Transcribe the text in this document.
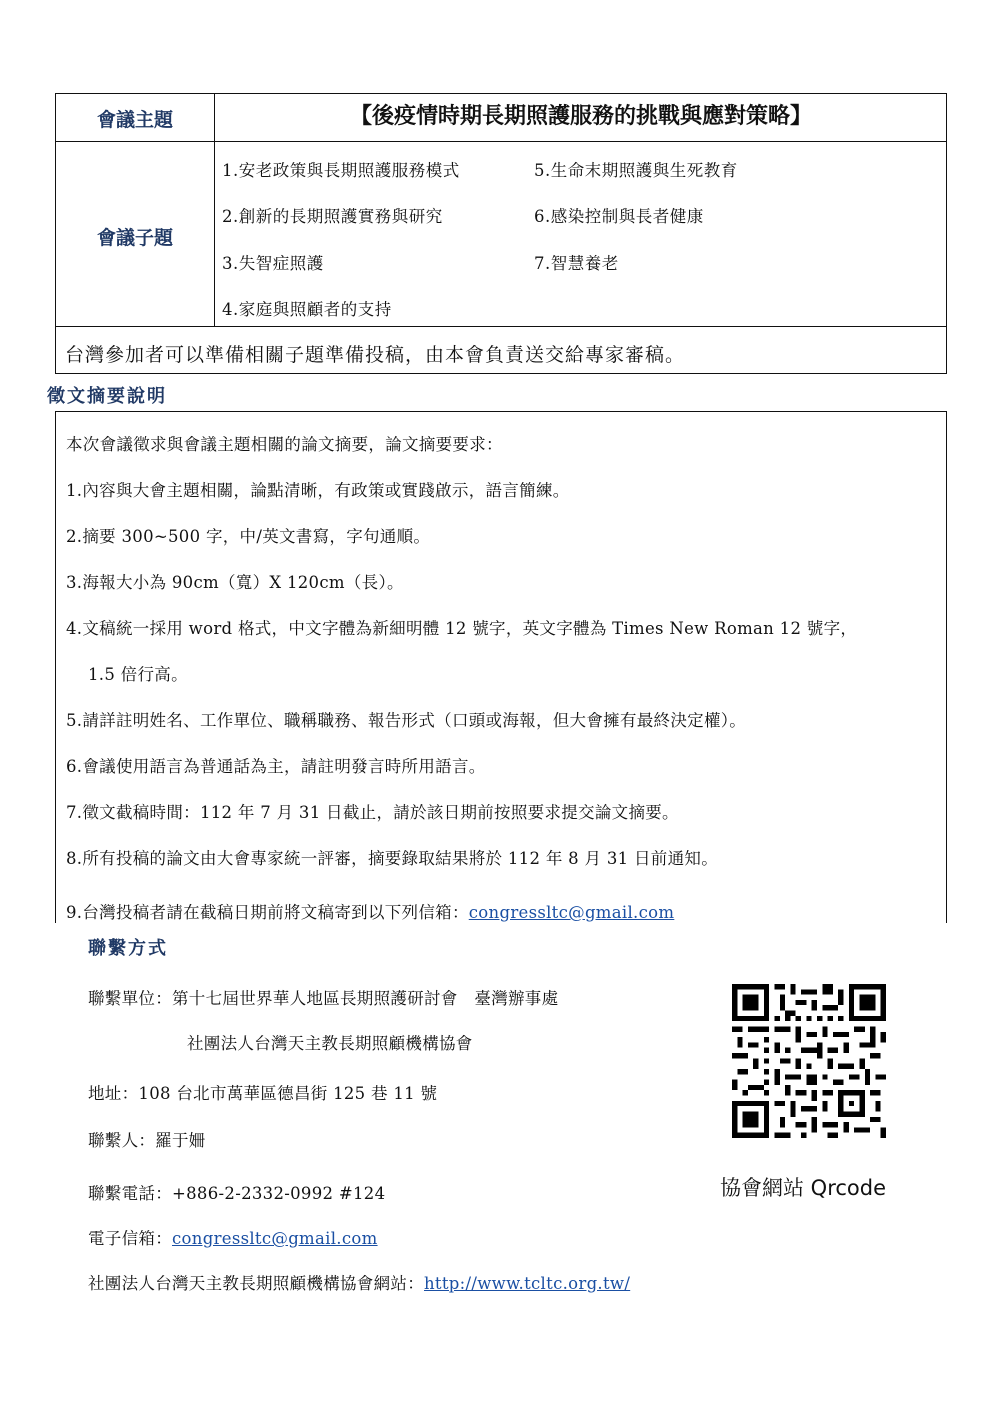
會議主題	【後疫情時期長期照護服務的挑戰與應對策略】
會議子題
1.安老政策與長期照護服務模式
2.創新的長期照護實務與研究
3.失智症照護
4.家庭與照顧者的支持
5.生命末期照護與生死教育
6.感染控制與長者健康
7.智慧養老
台灣參加者可以準備相關子題準備投稿，由本會負責送交給專家審稿。
徵文摘要說明
本次會議徵求與會議主題相關的論文摘要，論文摘要要求：
1.內容與大會主題相關，論點清晰，有政策或實踐啟示，語言簡練。
2.摘要 300~500 字，中/英文書寫，字句通順。
3.海報大小為 90cm（寬）X 120cm（長）。
4.文稿統一採用 word 格式，中文字體為新細明體 12 號字，英文字體為 Times New Roman 12 號字，
1.5 倍行高。
5.請詳註明姓名、工作單位、職稱職務、報告形式（口頭或海報，但大會擁有最終決定權）。
6.會議使用語言為普通話為主，請註明發言時所用語言。
7.徵文截稿時間：112 年 7 月 31 日截止，請於該日期前按照要求提交論文摘要。
8.所有投稿的論文由大會專家統一評審，摘要錄取結果將於 112 年 8 月 31 日前通知。
9.台灣投稿者請在截稿日期前將文稿寄到以下列信箱：congressltc@gmail.com
聯繫方式
聯繫單位：第十七屆世界華人地區長期照護研討會　臺灣辦事處
社團法人台灣天主教長期照顧機構協會
地址：108 台北市萬華區德昌街 125 巷 11 號
聯繫人：羅于姍
聯繫電話：+886-2-2332-0992 #124
電子信箱：congressltc@gmail.com
社團法人台灣天主教長期照顧機構協會網站：http://www.tcltc.org.tw/
協會網站 Qrcode
